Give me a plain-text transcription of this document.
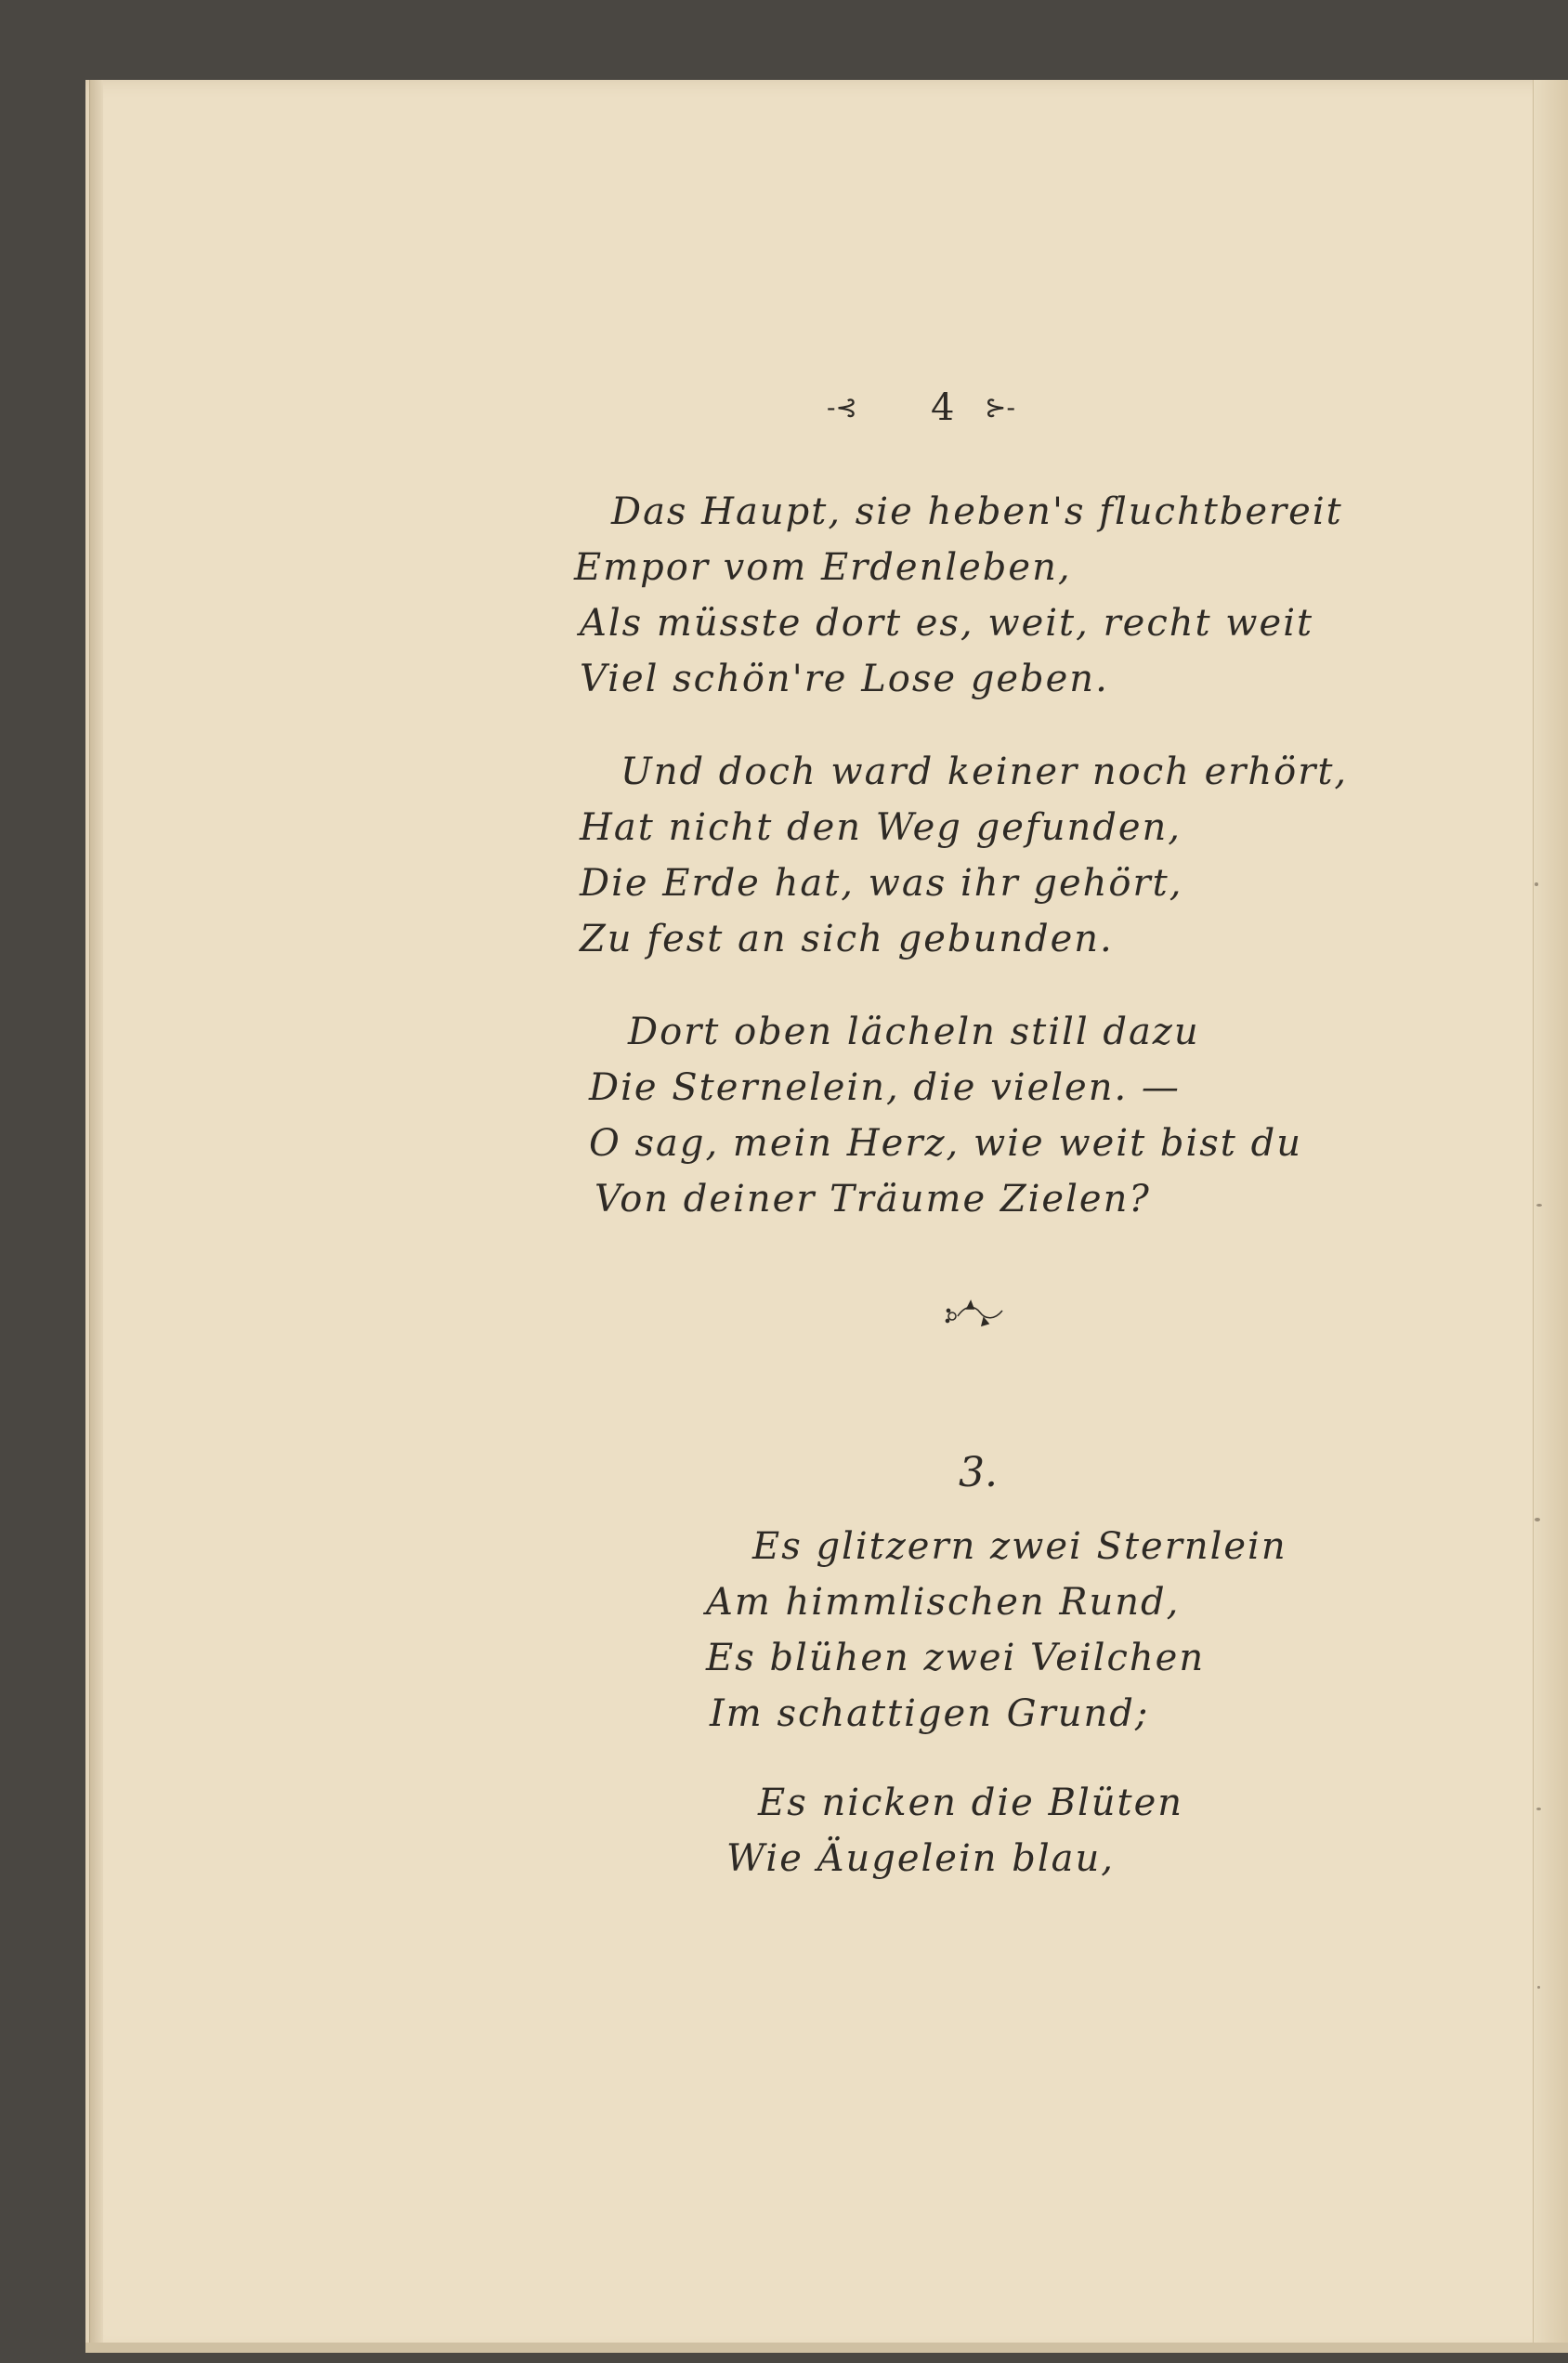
-⊰ 4 ⊱-
Das Haupt, sie heben's fluchtbereit
Empor vom Erdenleben,
Als müsste dort es, weit, recht weit
Viel schön're Lose geben.
Und doch ward keiner noch erhört,
Hat nicht den Weg gefunden,
Die Erde hat, was ihr gehört,
Zu fest an sich gebunden.
Dort oben lächeln still dazu
Die Sternelein, die vielen. —
O sag, mein Herz, wie weit bist du
Von deiner Träume Zielen?
3.
Es glitzern zwei Sternlein
Am himmlischen Rund,
Es blühen zwei Veilchen
Im schattigen Grund;
Es nicken die Blüten
Wie Äugelein blau,
